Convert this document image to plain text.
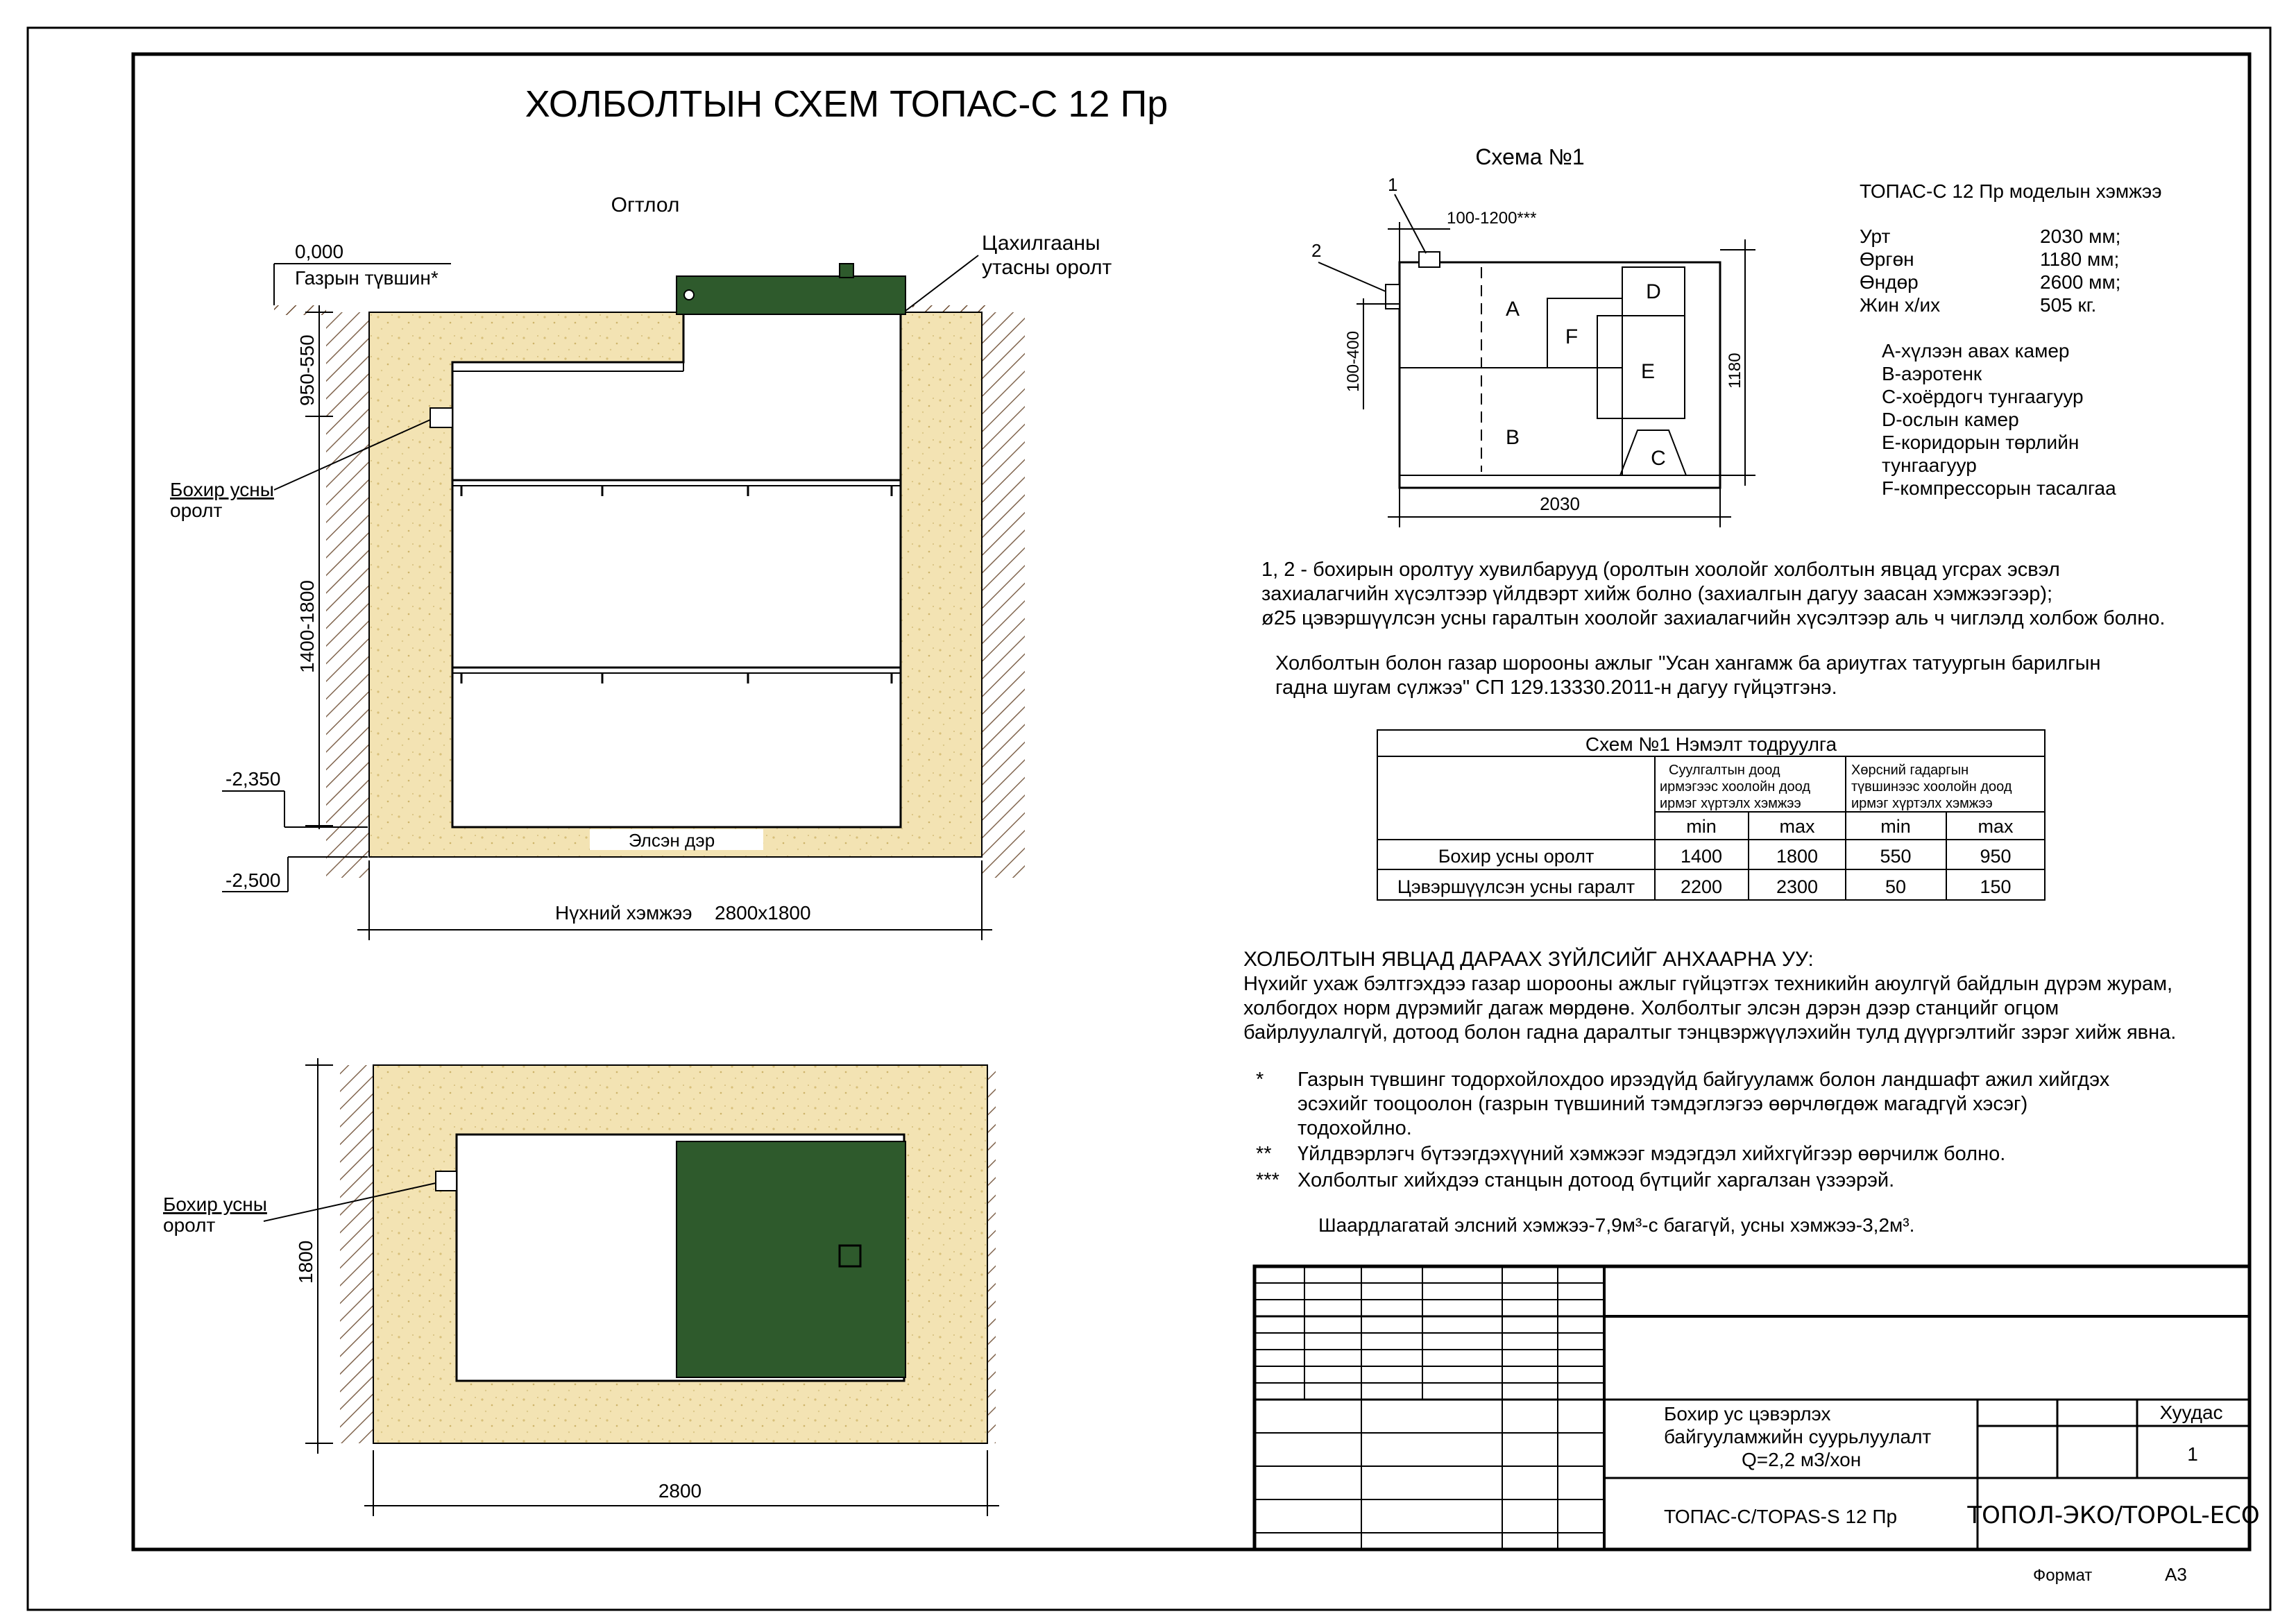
ХОЛБОЛТЫН СХЕМ ТОПАС-С 12 Пр
Огтлол
Элсэн дэр
0,000
Газрын түвшин*
Цахилгааны
утасны оролт
Бохир усны
оролт
950-550
1400-1800
-2,350
-2,500
Нүхний хэмжээ 2800x1800
Бохир усны
оролт
1800
2800
Схема №1
A
B
C
D
E
F
1
2
100-1200***
100-400	1180
2030
ТОПАС-С 12 Пр моделын хэмжээ
Урт	2030 мм;
Өргөн	1180 мм;
Өндөр	2600 мм;
Жин х/их	505 кг.
А-хүлээн авах камер
В-аэротенк
С-хоёрдогч тунгаагуур
D-ослын камер
Е-коридорын төрлийн
тунгаагуур
F-компрессорын тасалгаа
1, 2 - бохирын оролтуу хувилбарууд (оролтын хоолойг холболтын явцад угсрах эсвэл
захиалагчийн хүсэлтээр үйлдвэрт хийж болно (захиалгын дагуу заасан хэмжээгээр);
ø25 цэвэршүүлсэн усны гаралтын хоолойг захиалагчийн хүсэлтээр аль ч чиглэлд холбож болно.
Холболтын болон газар шорооны ажлыг "Усан хангамж ба ариутгах татуургын барилгын
гадна шугам сүлжээ" СП 129.13330.2011-н дагуу гүйцэтгэнэ.
Схем №1 Нэмэлт тодруулга
Суулгалтын доод
ирмэгээс хоолойн доод
ирмэг хүртэлх хэмжээ
Хөрсний гадаргын
түвшинээс хоолойн доод
ирмэг хүртэлх хэмжээ
min	max	min	max
Бохир усны оролт	1400	1800	550	950
Цэвэршүүлсэн усны гаралт 2200	2300	50	150
ХОЛБОЛТЫН ЯВЦАД ДАРААХ ЗҮЙЛСИЙГ АНХААРНА УУ:
Нүхийг ухаж бэлтгэхдээ газар шорооны ажлыг гүйцэтгэх техникийн аюулгүй байдлын дүрэм журам,
холбогдох норм дүрэмийг дагаж мөрдөнө. Холболтыг элсэн дэрэн дээр станцийг огцом
байрлуулалгүй, дотоод болон гадна даралтыг тэнцвэржүүлэхийн тулд дүүргэлтийг зэрэг хийж явна.
* Газрын түвшинг тодорхойлохдоо ирээдүйд байгууламж болон ландшафт ажил хийгдэх
эсэхийг тооцоолон (газрын түвшиний тэмдэглэгээ өөрчлөгдөж магадгүй хэсэг)
тодохойлно.
** Үйлдвэрлэгч бүтээгдэхүүний хэмжээг мэдэгдэл хийхгүйгээр өөрчилж болно.
*** Холболтыг хийхдээ станцын дотоод бүтцийг харгалзан үзээрэй.
Шаардлагатай элсний хэмжээ-7,9м³-с багагүй, усны хэмжээ-3,2м³.
Бохир ус цэвэрлэх
байгууламжийн суурьлуулалт
Q=2,2 м3/хон
Хуудас
1
ТОПАС-С/TOPAS-S 12 Пр	ТОПОЛ-ЭКО/TOPOL-ECO
Формат	А3
